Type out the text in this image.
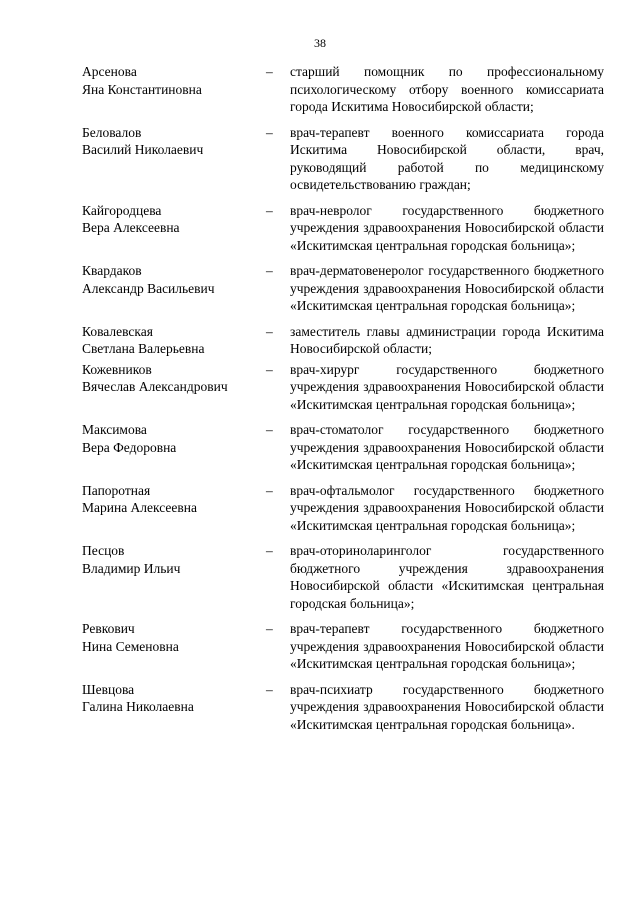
38
Арсенова
Яна Константиновна
–	старший помощник по профессиональному психологическому отбору военного комиссариата города Искитима Новосибирской области;
Беловалов
Василий Николаевич
–	врач-терапевт военного комиссариата города Искитима Новосибирской области, врач, руководящий работой по медицинскому освидетельствованию граждан;
Кайгородцева
Вера Алексеевна
–	врач-невролог государственного бюджетного учреждения здравоохранения Новосибирской области «Искитимская центральная городская больница»;
Квардаков
Александр Васильевич
–	врач-дерматовенеролог государственного бюджетного учреждения здравоохранения Новосибирской области «Искитимская центральная городская больница»;
Ковалевская
Светлана Валерьевна
–	заместитель главы администрации города Искитима Новосибирской области;
Кожевников
Вячеслав Александрович
–	врач-хирург государственного бюджетного учреждения здравоохранения Новосибирской области «Искитимская центральная городская больница»;
Максимова
Вера Федоровна
–	врач-стоматолог государственного бюджетного учреждения здравоохранения Новосибирской области «Искитимская центральная городская больница»;
Папоротная
Марина Алексеевна
–	врач-офтальмолог государственного бюджетного учреждения здравоохранения Новосибирской области «Искитимская центральная городская больница»;
Песцов
Владимир Ильич
–	врач-оториноларинголог государственного бюджетного учреждения здравоохранения Новосибирской области «Искитимская центральная городская больница»;
Ревкович
Нина Семеновна
–	врач-терапевт государственного бюджетного учреждения здравоохранения Новосибирской области «Искитимская центральная городская больница»;
Шевцова
Галина Николаевна
–	врач-психиатр государственного бюджетного учреждения здравоохранения Новосибирской области «Искитимская центральная городская больница».
